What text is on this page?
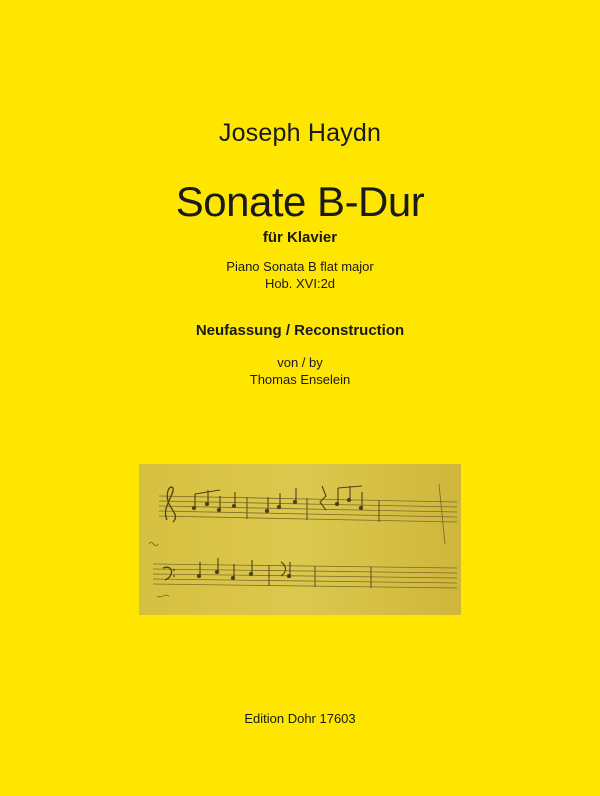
Joseph Haydn
Sonate B-Dur
für Klavier
Piano Sonata B flat major
Hob. XVI:2d
Neufassung / Reconstruction
von / by
Thomas Enselein
Edition Dohr 17603
